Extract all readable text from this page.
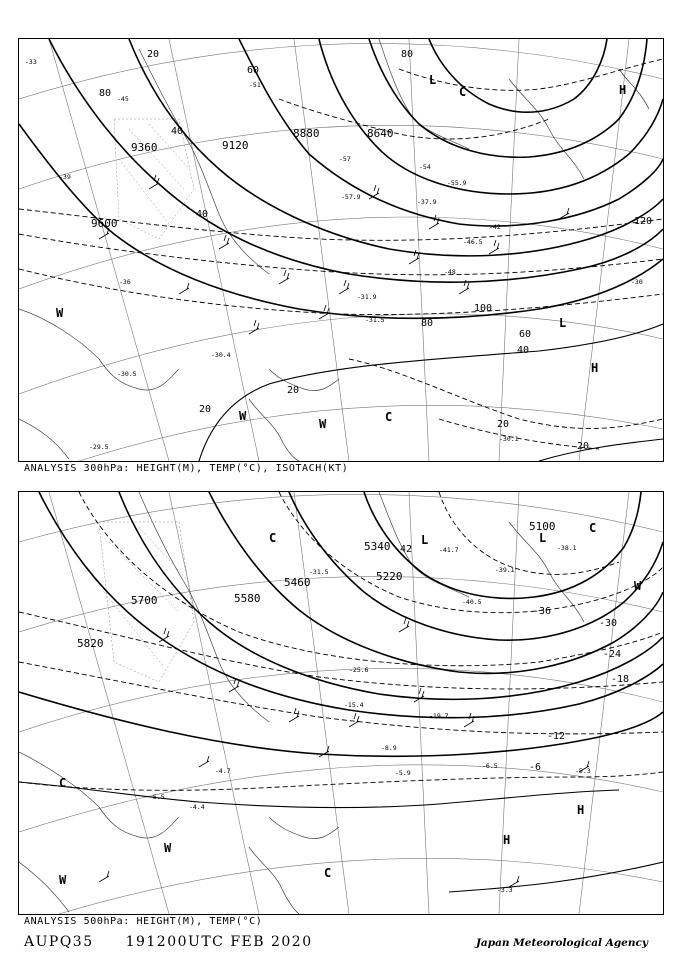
9600
9360	9120
8880	8640
20
40
60
80
100
120
20
40
80
60
40
20
20
20
80
-33
-45
-51
-57
-42
-48
-54
-39
-36	-30
-30.4
-30.5
-31.5
-29.5
-31.9
-37.9
-55.9
-57.9
-46.5
-30.1
L
H
W
W
W	C
C
L
H
ANALYSIS 300hPa: HEIGHT(M), TEMP(°C), ISOTACH(KT)
5820
5700	5580
5460
5340
5220
5100
-6
-12
-18
-24
-30
-36
-42
-5.5
-4.4
-4.7	-5.3
-3.3
-6.5
-5.9
-8.9
-15.4
-19.7
-25.6
-31.5	-39.1
-40.5
-41.7	-38.1
C	L	L
C
W
W	C
H
H
W
C
ANALYSIS 500hPa: HEIGHT(M), TEMP(°C)
AUPQ35 191200UTC FEB 2020	Japan Meteorological Agency
